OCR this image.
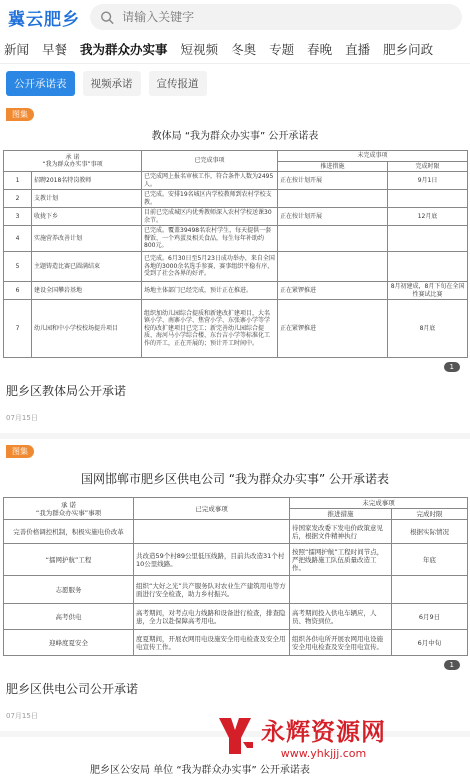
冀云肥乡
请输入关键字
新闻 早餐 我为群众办实事 短视频 冬奥 专题 春晚 直播 肥乡问政
公开承诺表	视频承诺	宣传报道
图集
教体局 “我为群众办实事” 公开承诺表
承 诺
“我为群众办实事”事项		已完成事项	未完成事项	
			推进措施	完成时限
1	招聘2018名特岗教师	已完成网上报名审核工作，符合条件人数为2495人。	正在按计划开展	9月1日
2	支教计划	已完成。安排19名城区内学校教师到农村学校支教。		
3	收拢下乡	目前已完成城区内优秀教师深入农村学校送课30余节。	正在按计划开展	12月底
4	实施营养改善计划	已完成。覆盖39498名农村学生，每天提供一套餐饭、一个鸡蛋及相关食品，每生每年补助约800元。		
5	主题铸造比赛已圆满结束	已完成。6月30日至5月23日成功举办，来自全国各地的3000余名选手参赛，赛事组织平稳有序，受到了社会各界的好评。		
6	建设全国攀岩基地	场地主体部门已经完成，预计正在推进。	正在紧锣推进	8月初建成，8月下旬在全国性赛试比赛
7	幼儿园和中小学校校场提升项目	组织加幼儿园综合提质和新建改扩建项目，大名镇小学、南寨小学、焦营小学、东张寨小学等学校的改扩建项目已完工；新完善幼儿园综合提质、海河马小学综合楼、东台吉小学等标准化工作的开工，正在开展的；预计开工时间中。	正在紧锣推进	8月底
1
肥乡区教体局公开承诺
07月15日
图集
国网邯郸市肥乡区供电公司 “我为群众办实事” 公开承诺表
承 诺
“我为群众办实事”事项	已完成事项	未完成事项	
		推进措施	完成时限
完善价格调控机制，积极实施电价改革		待国家发改委下发电价政策意见后，根据文件精神执行	根据实际情况
“擂网护航”工程	共改造59个村89公里低压线路，目前共改造31个村10公里线路。	按照“擂网护航”工程时间节点，严把线路施工队伍质量改造工作。	年底
志愿服务	组织“大好之光”共产服务队对农业生产建筑用电等方面进行安全检查，助力乡村振兴。		
高考供电	高考期间，对考点电力线路和设备进行检查，排查隐患，全力以赴保障高考用电。	高考期间投入供电车辆应，人员、物资到位。	6月9日
迎峰度夏安全	度夏期间，开展农网用电设施安全用电检查及安全用电宣传工作。	组织各供电所开展农网用电设施安全用电检查及安全用电宣传。	6月中旬
1
肥乡区供电公司公开承诺
07月15日
肥乡区公安局 单位 “我为群众办实事” 公开承诺表
永辉资源网
www.yhkjjj.com
